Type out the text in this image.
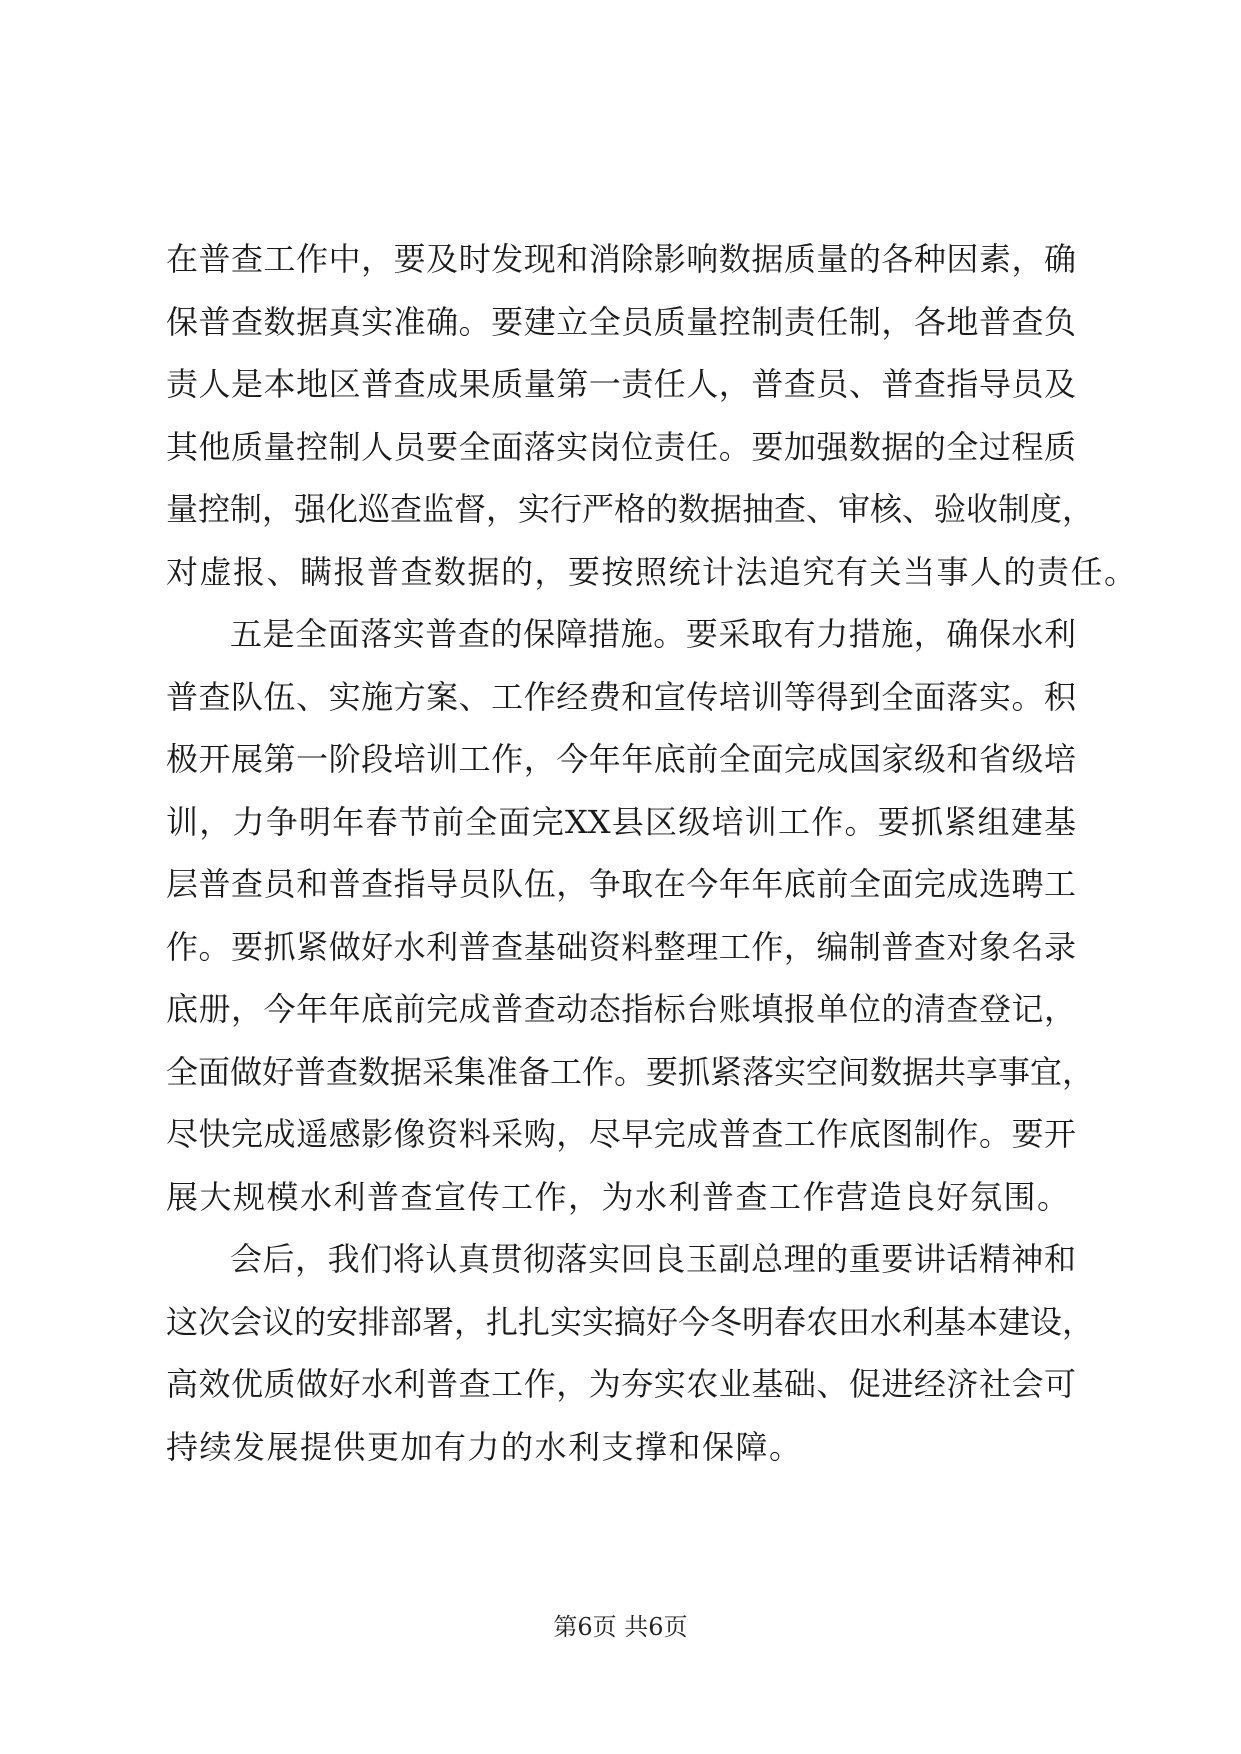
在普查工作中，要及时发现和消除影响数据质量的各种因素，确
保普查数据真实准确。要建立全员质量控制责任制，各地普查负
责人是本地区普查成果质量第一责任人，普查员、普查指导员及
其他质量控制人员要全面落实岗位责任。要加强数据的全过程质
量控制，强化巡查监督，实行严格的数据抽查、审核、验收制度，
对虚报、瞒报普查数据的，要按照统计法追究有关当事人的责任。
五是全面落实普查的保障措施。要采取有力措施，确保水利
普查队伍、实施方案、工作经费和宣传培训等得到全面落实。积
极开展第一阶段培训工作，今年年底前全面完成国家级和省级培
训，力争明年春节前全面完XX县区级培训工作。要抓紧组建基
层普查员和普查指导员队伍，争取在今年年底前全面完成选聘工
作。要抓紧做好水利普查基础资料整理工作，编制普查对象名录
底册，今年年底前完成普查动态指标台账填报单位的清查登记，
全面做好普查数据采集准备工作。要抓紧落实空间数据共享事宜，
尽快完成遥感影像资料采购，尽早完成普查工作底图制作。要开
展大规模水利普查宣传工作，为水利普查工作营造良好氛围。
会后，我们将认真贯彻落实回良玉副总理的重要讲话精神和
这次会议的安排部署，扎扎实实搞好今冬明春农田水利基本建设，
高效优质做好水利普查工作，为夯实农业基础、促进经济社会可
持续发展提供更加有力的水利支撑和保障。
第6页 共6页
